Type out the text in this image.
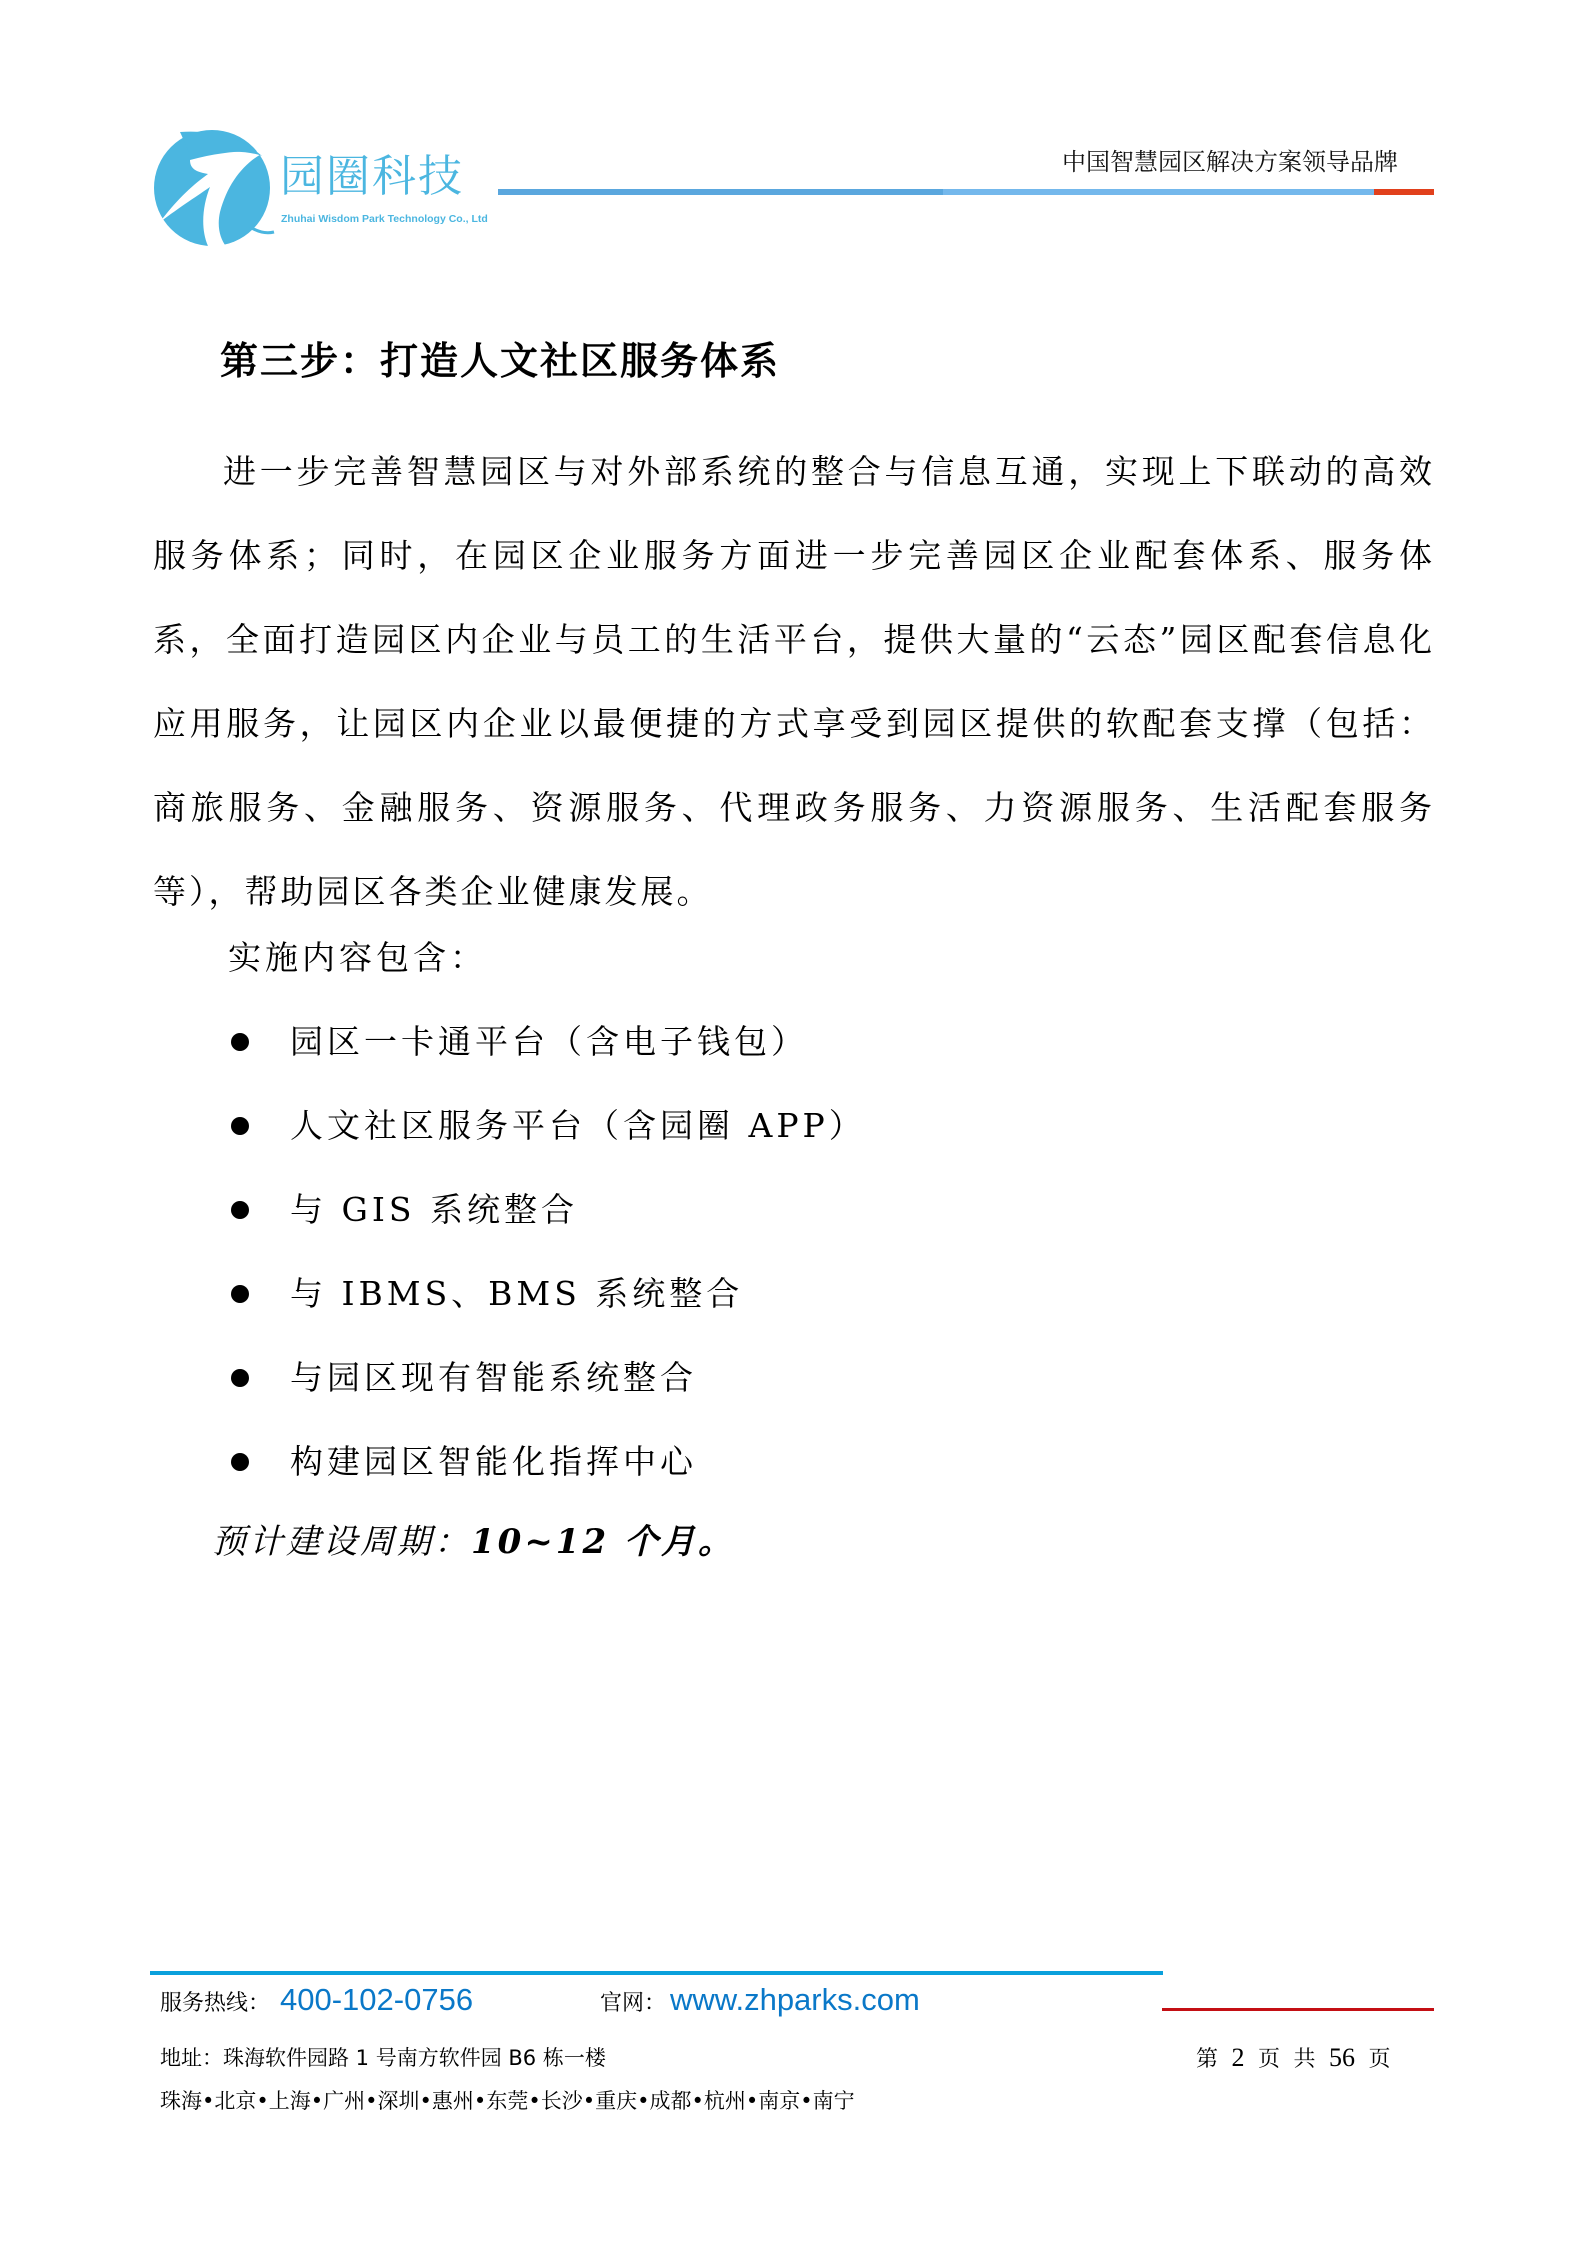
园圈科技
Zhuhai Wisdom Park Technology Co., Ltd
中国智慧园区解决方案领导品牌
第三步：打造人文社区服务体系
进一步完善智慧园区与对外部系统的整合与信息互通，实现上下联动的高效服务体系；同时，在园区企业服务方面进一步完善园区企业配套体系、服务体系，全面打造园区内企业与员工的生活平台，提供大量的“云态”园区配套信息化应用服务，让园区内企业以最便捷的方式享受到园区提供的软配套支撑（包括：商旅服务、金融服务、资源服务、代理政务服务、力资源服务、生活配套服务等），帮助园区各类企业健康发展。
实施内容包含：
园区一卡通平台（含电子钱包）
人文社区服务平台（含园圈 APP）
与 GIS 系统整合
与 IBMS、BMS 系统整合
与园区现有智能系统整合
构建园区智能化指挥中心
预计建设周期：10~12 个月。
服务热线： 400-102-0756	官网： www.zhparks.com
地址：珠海软件园路 1 号南方软件园 B6 栋一楼
珠海•北京•上海•广州•深圳•惠州•东莞•长沙•重庆•成都•杭州•南京•南宁
第 2 页 共 56 页
